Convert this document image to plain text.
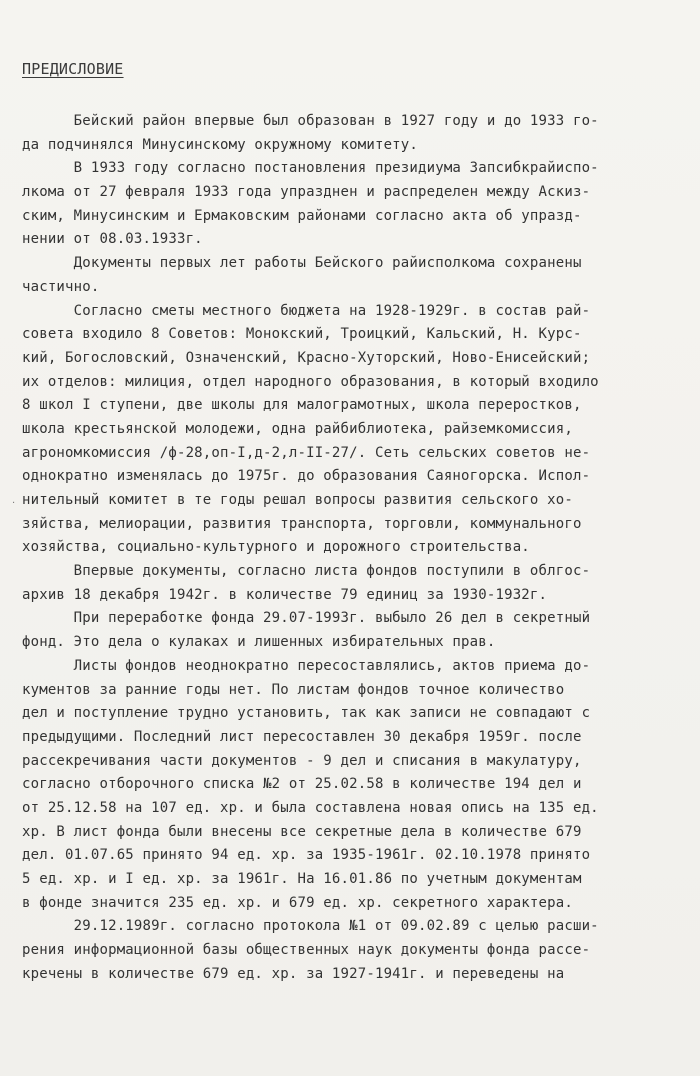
ПРЕДИСЛОВИЕ
·
Бейский район впервые был образован в 1927 году и до 1933 го-
да подчинялся Минусинскому окружному комитету.
В 1933 году согласно постановления президиума Запсибкрайиспо-
лкома от 27 февраля 1933 года упразднен и распределен между Аскиз-
ским, Минусинским и Ермаковским районами согласно акта об упразд-
нении от 08.03.1933г.
Документы первых лет работы Бейского райисполкома сохранены
частично.
Согласно сметы местного бюджета на 1928-1929г. в состав рай-
совета входило 8 Советов: Монокский, Троицкий, Кальский, Н. Курс-
кий, Богословский, Означенский, Красно-Хуторский, Ново-Енисейский;
их отделов: милиция, отдел народного образования, в который входило
8 школ I ступени, две школы для малограмотных, школа переростков,
школа крестьянской молодежи, одна райбиблиотека, райземкомиссия,
агрономкомиссия /ф-28,оп-I,д-2,л-II-27/. Сеть сельских советов не-
однократно изменялась до 1975г. до образования Саяногорска. Испол-
нительный комитет в те годы решал вопросы развития сельского хо-
зяйства, мелиорации, развития транспорта, торговли, коммунального
хозяйства, социально-культурного и дорожного строительства.
Впервые документы, согласно листа фондов поступили в облгос-
архив 18 декабря 1942г. в количестве 79 единиц за 1930-1932г.
При переработке фонда 29.07-1993г. выбыло 26 дел в секретный
фонд. Это дела о кулаках и лишенных избирательных прав.
Листы фондов неоднократно пересоставлялись, актов приема до-
кументов за ранние годы нет. По листам фондов точное количество
дел и поступление трудно установить, так как записи не совпадают с
предыдущими. Последний лист пересоставлен 30 декабря 1959г. после
рассекречивания части документов - 9 дел и списания в макулатуру,
согласно отборочного списка №2 от 25.02.58 в количестве 194 дел и
от 25.12.58 на 107 ед. хр. и была составлена новая опись на 135 ед.
хр. В лист фонда были внесены все секретные дела в количестве 679
дел. 01.07.65 принято 94 ед. хр. за 1935-1961г. 02.10.1978 принято
5 ед. хр. и I ед. хр. за 1961г. На 16.01.86 по учетным документам
в фонде значится 235 ед. хр. и 679 ед. хр. секретного характера.
29.12.1989г. согласно протокола №1 от 09.02.89 с целью расши-
рения информационной базы общественных наук документы фонда рассе-
кречены в количестве 679 ед. хр. за 1927-1941г. и переведены на
